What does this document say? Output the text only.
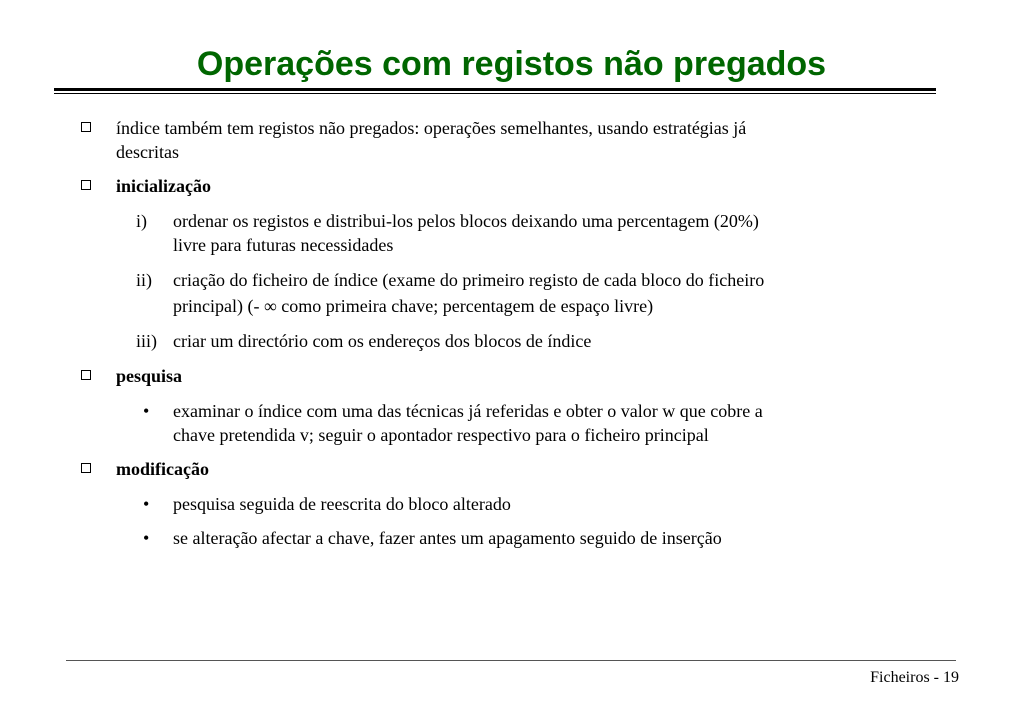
Operações com registos não pregados
índice também tem registos não pregados: operações semelhantes, usando estratégias já
descritas
inicialização
i) ordenar os registos e distribui-los pelos blocos deixando uma percentagem (20%)
livre para futuras necessidades
ii) criação do ficheiro de índice (exame do primeiro registo de cada bloco do ficheiro
principal) (- ∞ como primeira chave; percentagem de espaço livre)
iii) criar um directório com os endereços dos blocos de índice
pesquisa
• examinar o índice com uma das técnicas já referidas e obter o valor w que cobre a
chave pretendida v; seguir o apontador respectivo para o ficheiro principal
modificação
• pesquisa seguida de reescrita do bloco alterado
• se alteração afectar a chave, fazer antes um apagamento seguido de inserção
Ficheiros - 19
